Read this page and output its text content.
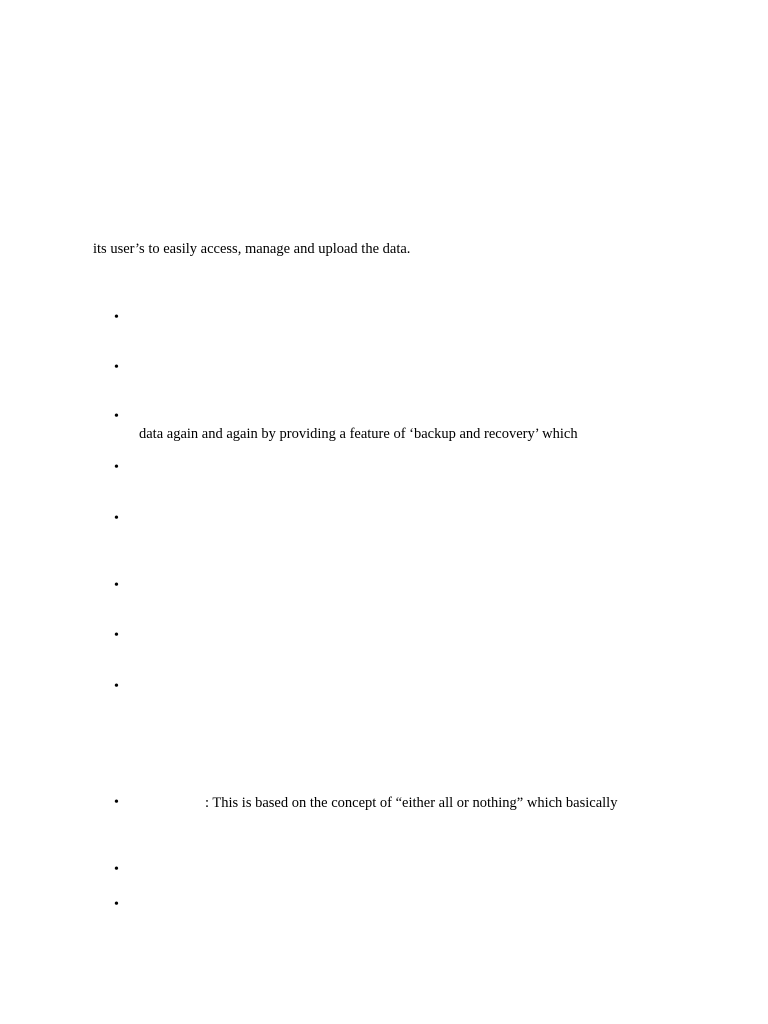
its user’s to easily access, manage and upload the data.
•
•
•
•
•
•
•
•
•
•
•
data again and again by providing a feature of ‘backup and recovery’ which
: This is based on the concept of “either all or nothing” which basically
